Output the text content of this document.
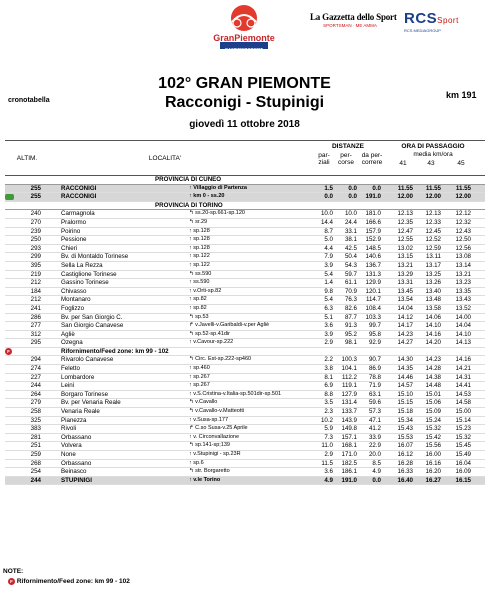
GranPiemonte
SAMEDEBSPORT
La Gazzetta dello Sport
SPORTSMAN · ME AMMA	RCSSport
RCS MEDIAGROUP
102° GRAN PIEMONTE
Racconigi - Stupinigi
giovedì 11 ottobre 2018
cronotabella
km 191
ALTIM.	LOCALITA'
DISTANZE
par- ziali
per- corse
da per- correre
ORA DI PASSAGGIO
media km/ora
41	43	45
PROVINCIA DI CUNEO
255	RACCONIGI	↑ Villaggio di Partenza	1.5	0.0	0.0	11.55	11.55	11.55
255	RACCONIGI	↑ km 0 - ss.20	0.0	0.0	191.0	12.00	12.00	12.00
PROVINCIA DI TORINO
240	Carmagnola	↰ ss.20-sp.661-sp.120	10.0	10.0	181.0	12.13	12.13	12.12
270	Pralormo	↰ sr.29	14.4	24.4	166.6	12.35	12.33	12.32
239	Poirino	↑ sp.128	8.7	33.1	157.9	12.47	12.45	12.43
250	Pessione	↑ sp.128	5.0	38.1	152.9	12.55	12.52	12.50
293	Chieri	↑ sp.128	4.4	42.5	148.5	13.02	12.59	12.56
299	Bv. di Montaldo Torinese	↑ sp.122	7.9	50.4	140.6	13.15	13.11	13.08
395	Sella La Rezza	↑ sp.122	3.9	54.3	136.7	13.21	13.17	13.14
219	Castiglione Torinese	↰ ss.590	5.4	59.7	131.3	13.29	13.25	13.21
212	Gassino Torinese	↑ ss.590	1.4	61.1	129.9	13.31	13.26	13.23
184	Chivasso	↑ v.Orti-sp.82	9.8	70.9	120.1	13.45	13.40	13.35
212	Montanaro	↑ sp.82	5.4	76.3	114.7	13.54	13.48	13.43
241	Foglizzo	↑ sp.82	6.3	82.6	108.4	14.04	13.58	13.52
286	Bv. per San Giorgio C.	↰ sp.53	5.1	87.7	103.3	14.12	14.06	14.00
277	San Giorgio Canavese	↱ v.Javelli-v.Garibaldi-v.per Agliè	3.6	91.3	99.7	14.17	14.10	14.04
312	Agliè	↰ sp.52-sp.41dir	3.9	95.2	95.8	14.23	14.16	14.10
295	Ozegna	↑ v.Cavour-sp.222	2.9	98.1	92.9	14.27	14.20	14.13
F	Rifornimento/Feed zone: km 99 - 102
294	Rivarolo Canavese	↰ Circ. Est-sp.222-sp460	2.2	100.3	90.7	14.30	14.23	14.16
274	Feletto	↑ sp.460	3.8	104.1	86.9	14.35	14.28	14.21
227	Lombardore	↑ sp.267	8.1	112.2	78.8	14.46	14.38	14.31
244	Leinì	↑ sp.267	6.9	119.1	71.9	14.57	14.48	14.41
264	Borgaro Torinese	↑ v.S.Cristina-v.Italia-sp.501dir-sp.501	8.8	127.9	63.1	15.10	15.01	14.53
279	Bv. per Venaria Reale	↰ v.Cavallo	3.5	131.4	59.6	15.15	15.06	14.58
258	Venaria Reale	↰ v.Cavallo-v.Matteotti	2.3	133.7	57.3	15.18	15.09	15.00
325	Pianezza	↑ v.Susa-sp.177	10.2	143.9	47.1	15.34	15.24	15.14
383	Rivoli	↱ C.so Susa-v.25 Aprile	5.9	149.8	41.2	15.43	15.32	15.23
281	Orbassano	↑ v. Circonvallazione	7.3	157.1	33.9	15.53	15.42	15.32
251	Volvera	↰ sp.141-sp;139	11.0	168.1	22.9	16.07	15.56	15.45
259	None	↑ v.Stupinigi - sp.23R	2.9	171.0	20.0	16.12	16.00	15.49
268	Orbassano	↑ sp.6	11.5	182.5	8.5	16.28	16.16	16.04
254	Beinasco	↰ str. Borgaretto	3.6	186.1	4.9	16.33	16.20	16.09
244	STUPINIGI	↑ v.le Torino	4.9	191.0	0.0	16.40	16.27	16.15
NOTE:
F Rifornimento/Feed zone: km 99 - 102
